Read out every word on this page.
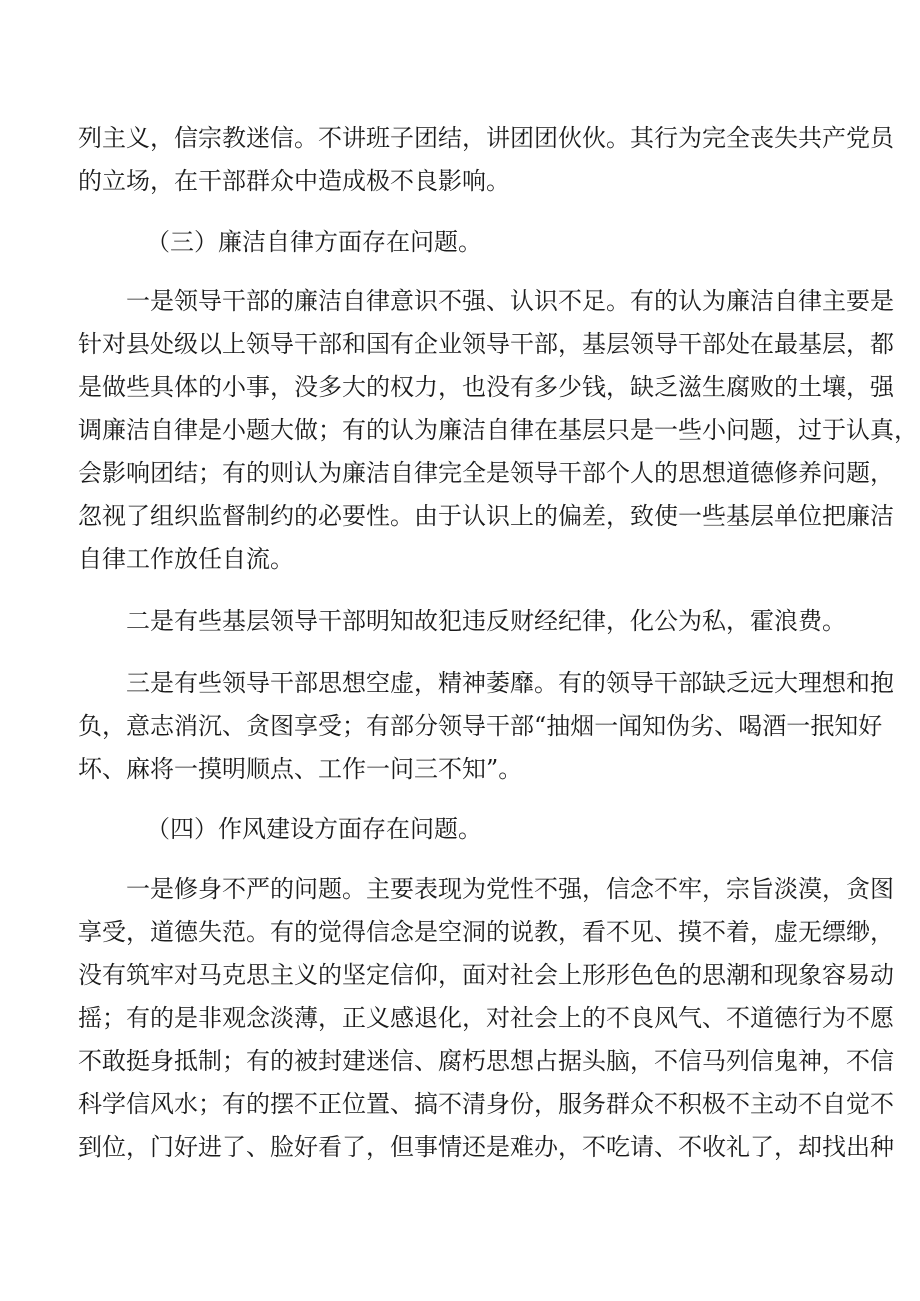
列主义，信宗教迷信。不讲班子团结，讲团团伙伙。其行为完全丧失共产党员
的立场，在干部群众中造成极不良影响。
（三）廉洁自律方面存在问题。
一是领导干部的廉洁自律意识不强、认识不足。有的认为廉洁自律主要是
针对县处级以上领导干部和国有企业领导干部，基层领导干部处在最基层，都
是做些具体的小事，没多大的权力，也没有多少钱，缺乏滋生腐败的土壤，强
调廉洁自律是小题大做；有的认为廉洁自律在基层只是一些小问题，过于认真，
会影响团结；有的则认为廉洁自律完全是领导干部个人的思想道德修养问题，
忽视了组织监督制约的必要性。由于认识上的偏差，致使一些基层单位把廉洁
自律工作放任自流。
二是有些基层领导干部明知故犯违反财经纪律，化公为私，霍浪费。
三是有些领导干部思想空虚，精神萎靡。有的领导干部缺乏远大理想和抱
负，意志消沉、贪图享受；有部分领导干部“抽烟一闻知伪劣、喝酒一抿知好
坏、麻将一摸明顺点、工作一问三不知”。
（四）作风建设方面存在问题。
一是修身不严的问题。主要表现为党性不强，信念不牢，宗旨淡漠，贪图
享受，道德失范。有的觉得信念是空洞的说教，看不见、摸不着，虚无缥缈，
没有筑牢对马克思主义的坚定信仰，面对社会上形形色色的思潮和现象容易动
摇；有的是非观念淡薄，正义感退化，对社会上的不良风气、不道德行为不愿
不敢挺身抵制；有的被封建迷信、腐朽思想占据头脑，不信马列信鬼神，不信
科学信风水；有的摆不正位置、搞不清身份，服务群众不积极不主动不自觉不
到位，门好进了、脸好看了，但事情还是难办，不吃请、不收礼了，却找出种
